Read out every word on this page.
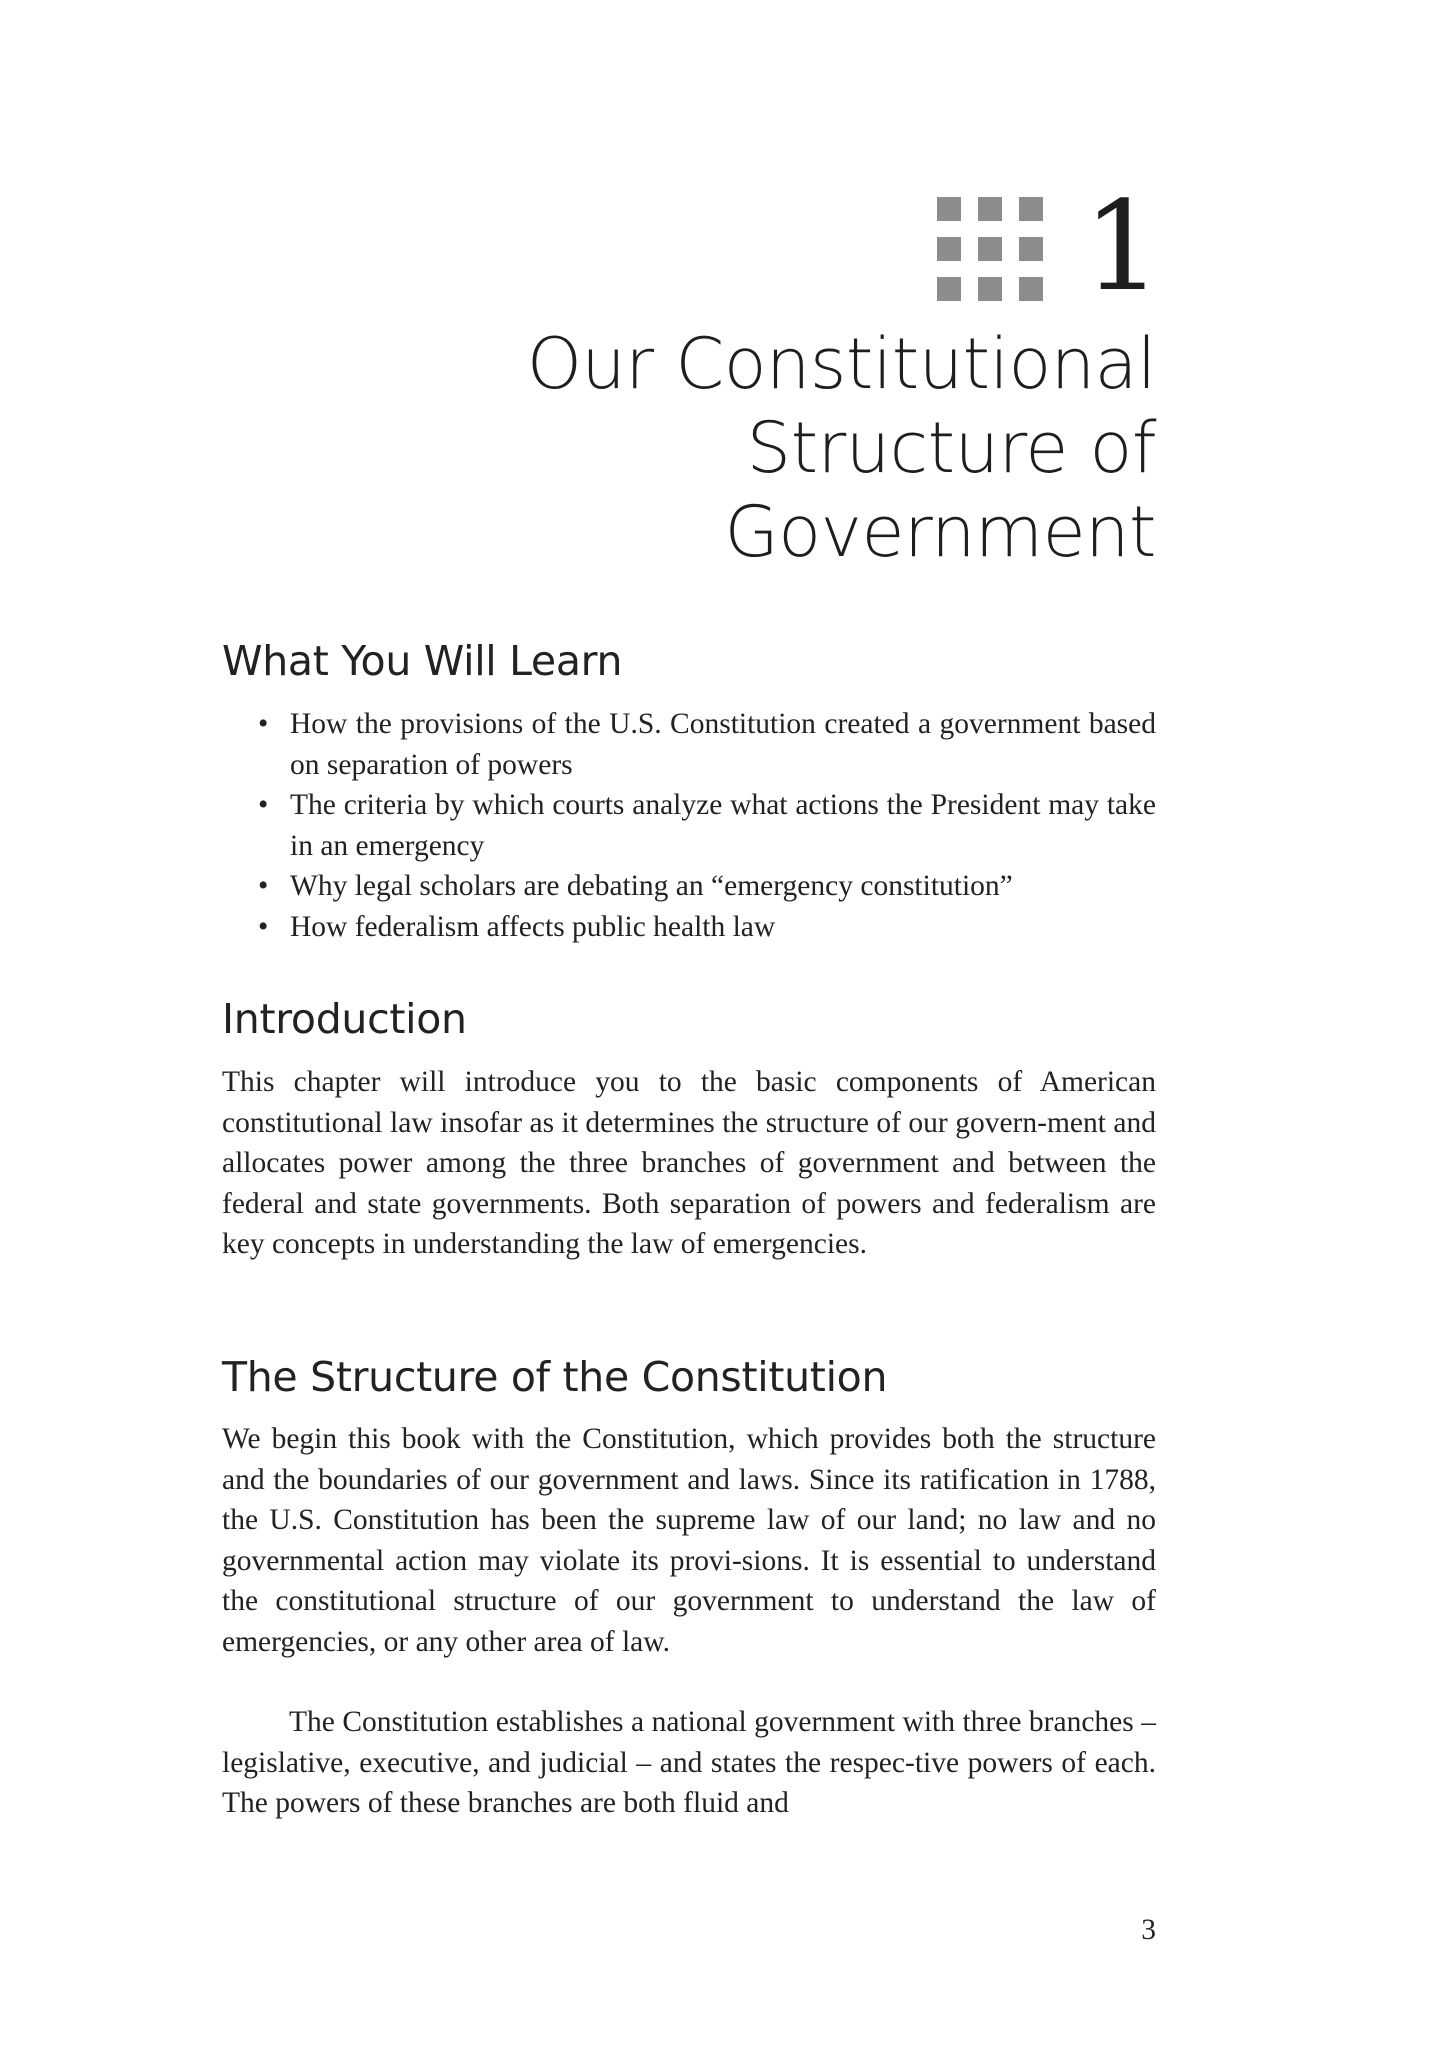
1
Our Constitutional
Structure of
Government
What You Will Learn
• How the provisions of the U.S. Constitution created a government based on separation of powers
• The criteria by which courts analyze what actions the President may take in an emergency
• Why legal scholars are debating an “emergency constitution”
• How federalism affects public health law
Introduction

This chapter will introduce you to the basic components of American constitutional law insofar as it determines the structure of our govern-ment and allocates power among the three branches of government and between the federal and state governments. Both separation of powers and federalism are key concepts in understanding the law of emergencies.

The Structure of the Constitution

We begin this book with the Constitution, which provides both the structure and the boundaries of our government and laws. Since its ratification in 1788, the U.S. Constitution has been the supreme law of our land; no law and no governmental action may violate its provi-sions. It is essential to understand the constitutional structure of our government to understand the law of emergencies, or any other area of law.

The Constitution establishes a national government with three branches – legislative, executive, and judicial – and states the respec-tive powers of each. The powers of these branches are both fluid and

3
